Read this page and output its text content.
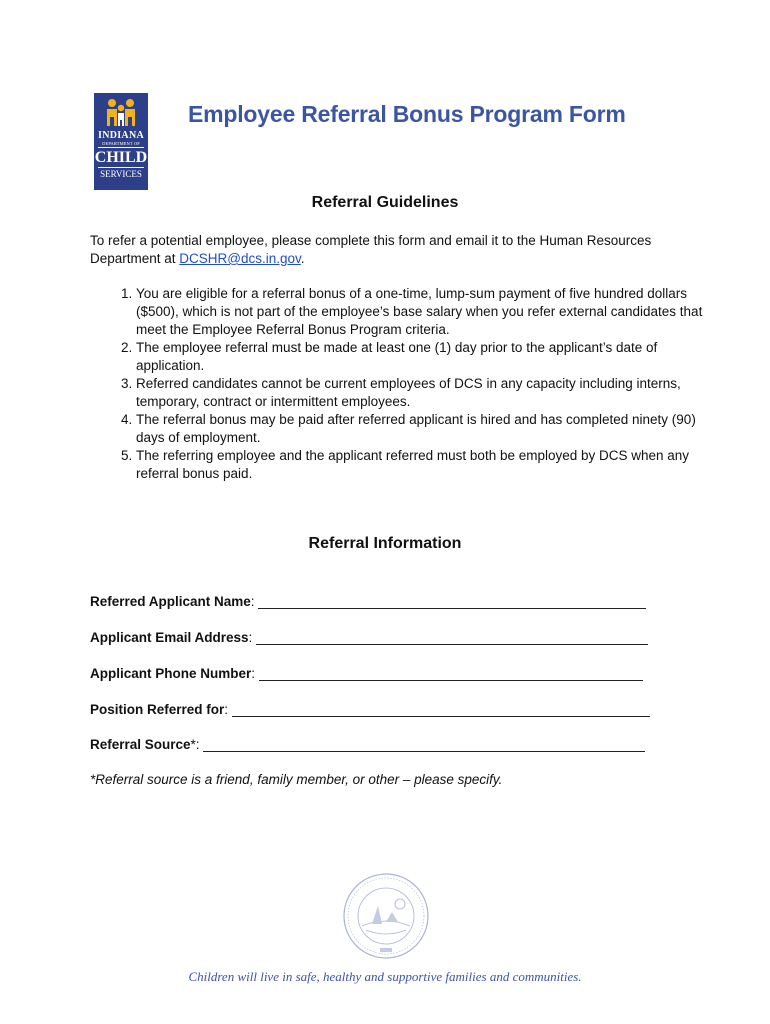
INDIANA
DEPARTMENT OF
CHILD
SERVICES
Employee Referral Bonus Program Form
Referral Guidelines
To refer a potential employee, please complete this form and email it to the Human Resources Department at DCSHR@dcs.in.gov.
1. You are eligible for a referral bonus of a one-time, lump-sum payment of five hundred dollars ($500), which is not part of the employee’s base salary when you refer external candidates that meet the Employee Referral Bonus Program criteria.
2. The employee referral must be made at least one (1) day prior to the applicant’s date of application.
3. Referred candidates cannot be current employees of DCS in any capacity including interns, temporary, contract or intermittent employees.
4. The referral bonus may be paid after referred applicant is hired and has completed ninety (90) days of employment.
5. The referring employee and the applicant referred must both be employed by DCS when any referral bonus paid.
Referral Information
Referred Applicant Name:
Applicant Email Address:
Applicant Phone Number:
Position Referred for:
Referral Source*:
*Referral source is a friend, family member, or other – please specify.
Children will live in safe, healthy and supportive families and communities.
